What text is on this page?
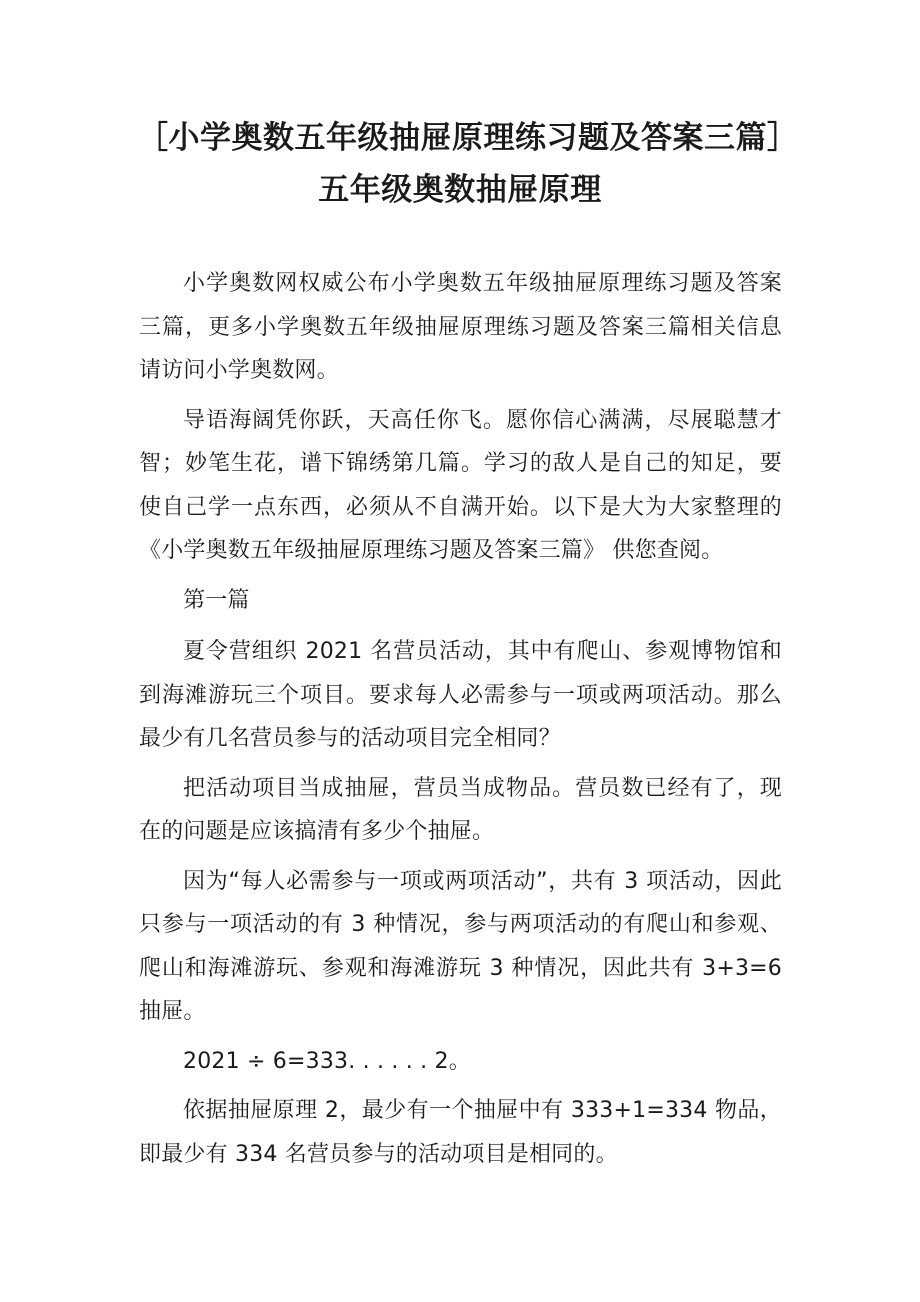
［小学奥数五年级抽屉原理练习题及答案三篇］五年级奥数抽屉原理

小学奥数网权威公布小学奥数五年级抽屉原理练习题及答案三篇，更多小学奥数五年级抽屉原理练习题及答案三篇相关信息请访问小学奥数网。

导语海阔凭你跃，天高任你飞。愿你信心满满，尽展聪慧才智；妙笔生花，谱下锦绣第几篇。学习的敌人是自己的知足，要使自己学一点东西，必须从不自满开始。以下是大为大家整理的《小学奥数五年级抽屉原理练习题及答案三篇》 供您查阅。

第一篇

夏令营组织 2021 名营员活动，其中有爬山、参观博物馆和到海滩游玩三个项目。要求每人必需参与一项或两项活动。那么最少有几名营员参与的活动项目完全相同？

把活动项目当成抽屉，营员当成物品。营员数已经有了，现在的问题是应该搞清有多少个抽屉。

因为“每人必需参与一项或两项活动”，共有 3 项活动，因此只参与一项活动的有 3 种情况，参与两项活动的有爬山和参观、爬山和海滩游玩、参观和海滩游玩 3 种情况，因此共有 3+3=6 抽屉。

2021 ÷ 6=333. . . . . . 2。

依据抽屉原理 2，最少有一个抽屉中有 333+1=334 物品，即最少有 334 名营员参与的活动项目是相同的。
